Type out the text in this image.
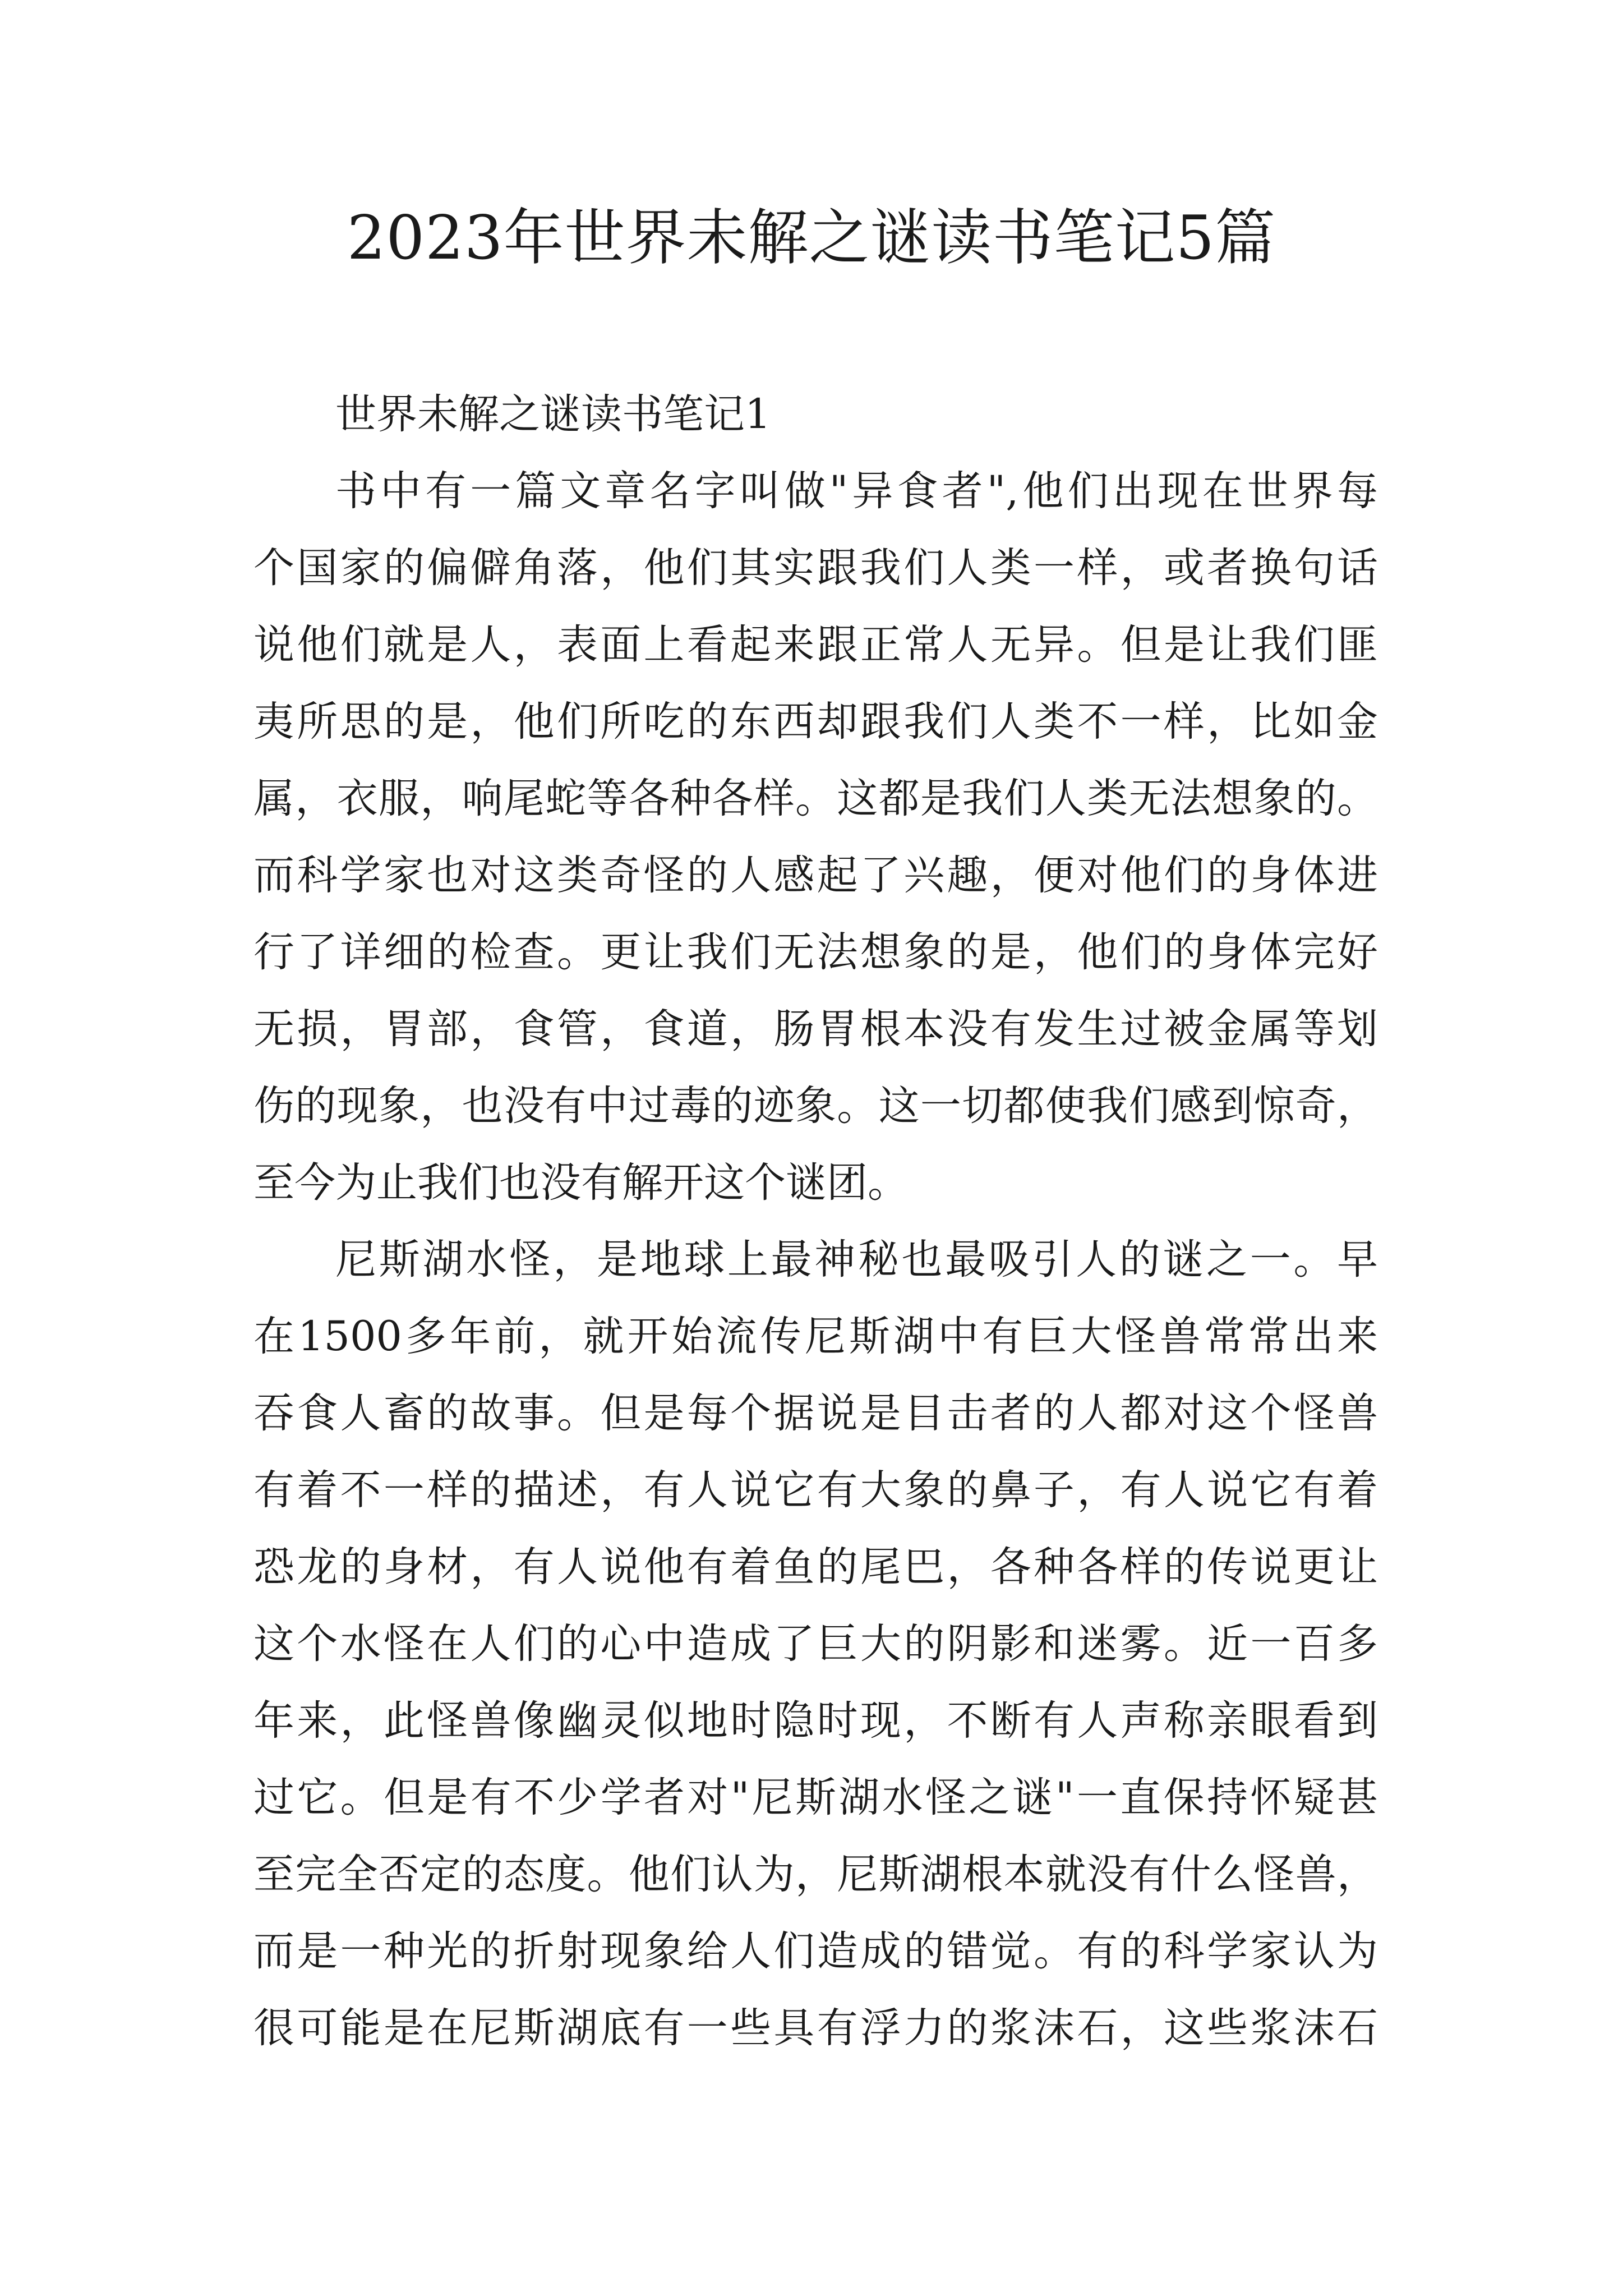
2023年世界未解之谜读书笔记5篇

世界未解之谜读书笔记1

书中有一篇文章名字叫做"异食者",他们出现在世界每
个国家的偏僻角落，他们其实跟我们人类一样，或者换句话
说他们就是人，表面上看起来跟正常人无异。但是让我们匪
夷所思的是，他们所吃的东西却跟我们人类不一样，比如金
属，衣服，响尾蛇等各种各样。这都是我们人类无法想象的。
而科学家也对这类奇怪的人感起了兴趣，便对他们的身体进
行了详细的检查。更让我们无法想象的是，他们的身体完好
无损，胃部，食管，食道，肠胃根本没有发生过被金属等划
伤的现象，也没有中过毒的迹象。这一切都使我们感到惊奇，
至今为止我们也没有解开这个谜团。
尼斯湖水怪，是地球上最神秘也最吸引人的谜之一。早
在1500多年前，就开始流传尼斯湖中有巨大怪兽常常出来
吞食人畜的故事。但是每个据说是目击者的人都对这个怪兽
有着不一样的描述，有人说它有大象的鼻子，有人说它有着
恐龙的身材，有人说他有着鱼的尾巴，各种各样的传说更让
这个水怪在人们的心中造成了巨大的阴影和迷雾。近一百多
年来，此怪兽像幽灵似地时隐时现，不断有人声称亲眼看到
过它。但是有不少学者对"尼斯湖水怪之谜"一直保持怀疑甚
至完全否定的态度。他们认为，尼斯湖根本就没有什么怪兽，
而是一种光的折射现象给人们造成的错觉。有的科学家认为
很可能是在尼斯湖底有一些具有浮力的浆沫石，这些浆沫石
